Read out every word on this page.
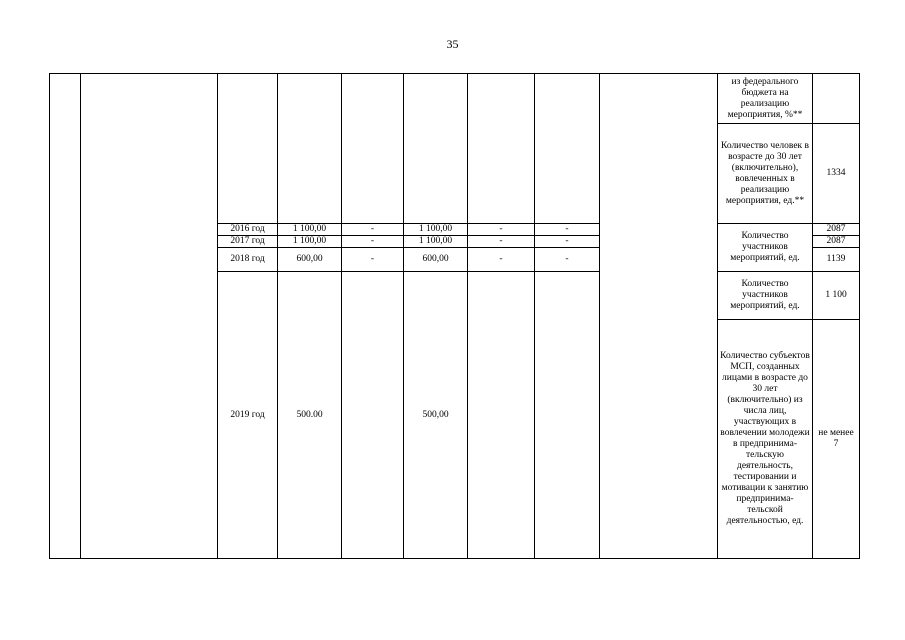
35
									из федерального бюджета на реализацию мероприятия, %**	
									Количество человек в возрасте до 30 лет (включительно), вовлеченных в реализацию мероприятия, ед.**	1334
		2016 год	1 100,00	-	1 100,00	-	-		Количество участников мероприятий, ед.	2087
		2017 год	1 100,00	-	1 100,00	-	-			2087
		2018 год	600,00	-	600,00	-	-			1139
		2019 год	500.00		500,00				Количество участников мероприятий, ед.	1 100
									Количество субъектов МСП, созданных лицами в возрасте до 30 лет (включительно) из числа лиц, участвующих в вовлечении молодежи в предпринима-тельскую деятельность, тестировании и мотивации к занятию предпринима-тельской деятельностью, ед.	не менее 7
